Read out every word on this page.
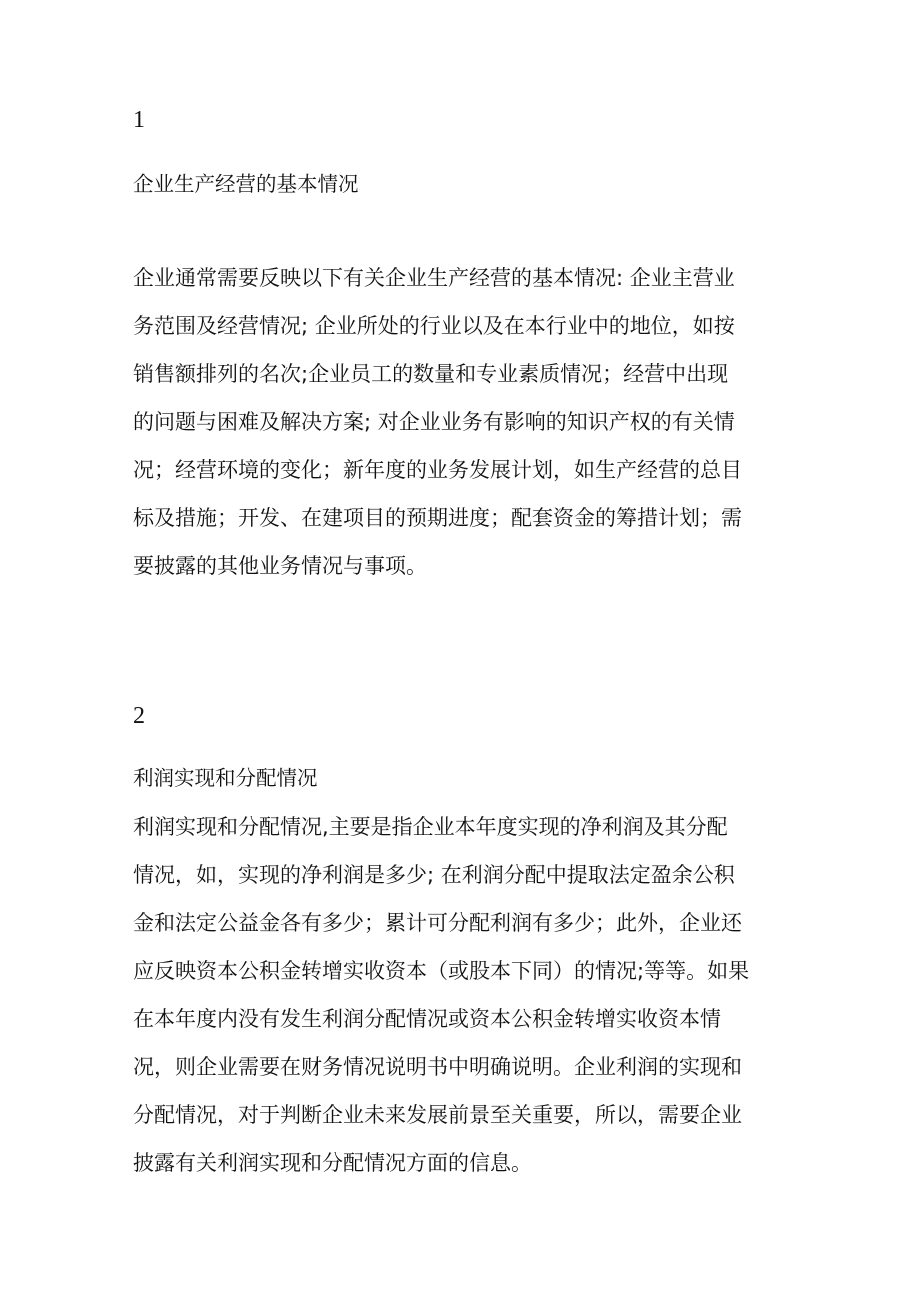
1

企业生产经营的基本情况
企业通常需要反映以下有关企业生产经营的基本情况: 企业主营业
务范围及经营情况; 企业所处的行业以及在本行业中的地位，如按
销售额排列的名次;企业员工的数量和专业素质情况；经营中出现
的问题与困难及解决方案; 对企业业务有影响的知识产权的有关情
况；经营环境的变化；新年度的业务发展计划，如生产经营的总目
标及措施；开发、在建项目的预期进度；配套资金的筹措计划；需
要披露的其他业务情况与事项。

2

利润实现和分配情况
利润实现和分配情况,主要是指企业本年度实现的净利润及其分配
情况，如，实现的净利润是多少; 在利润分配中提取法定盈余公积
金和法定公益金各有多少；累计可分配利润有多少；此外，企业还
应反映资本公积金转增实收资本（或股本下同）的情况;等等。如果
在本年度内没有发生利润分配情况或资本公积金转增实收资本情
况，则企业需要在财务情况说明书中明确说明。企业利润的实现和
分配情况，对于判断企业未来发展前景至关重要，所以，需要企业
披露有关利润实现和分配情况方面的信息。
